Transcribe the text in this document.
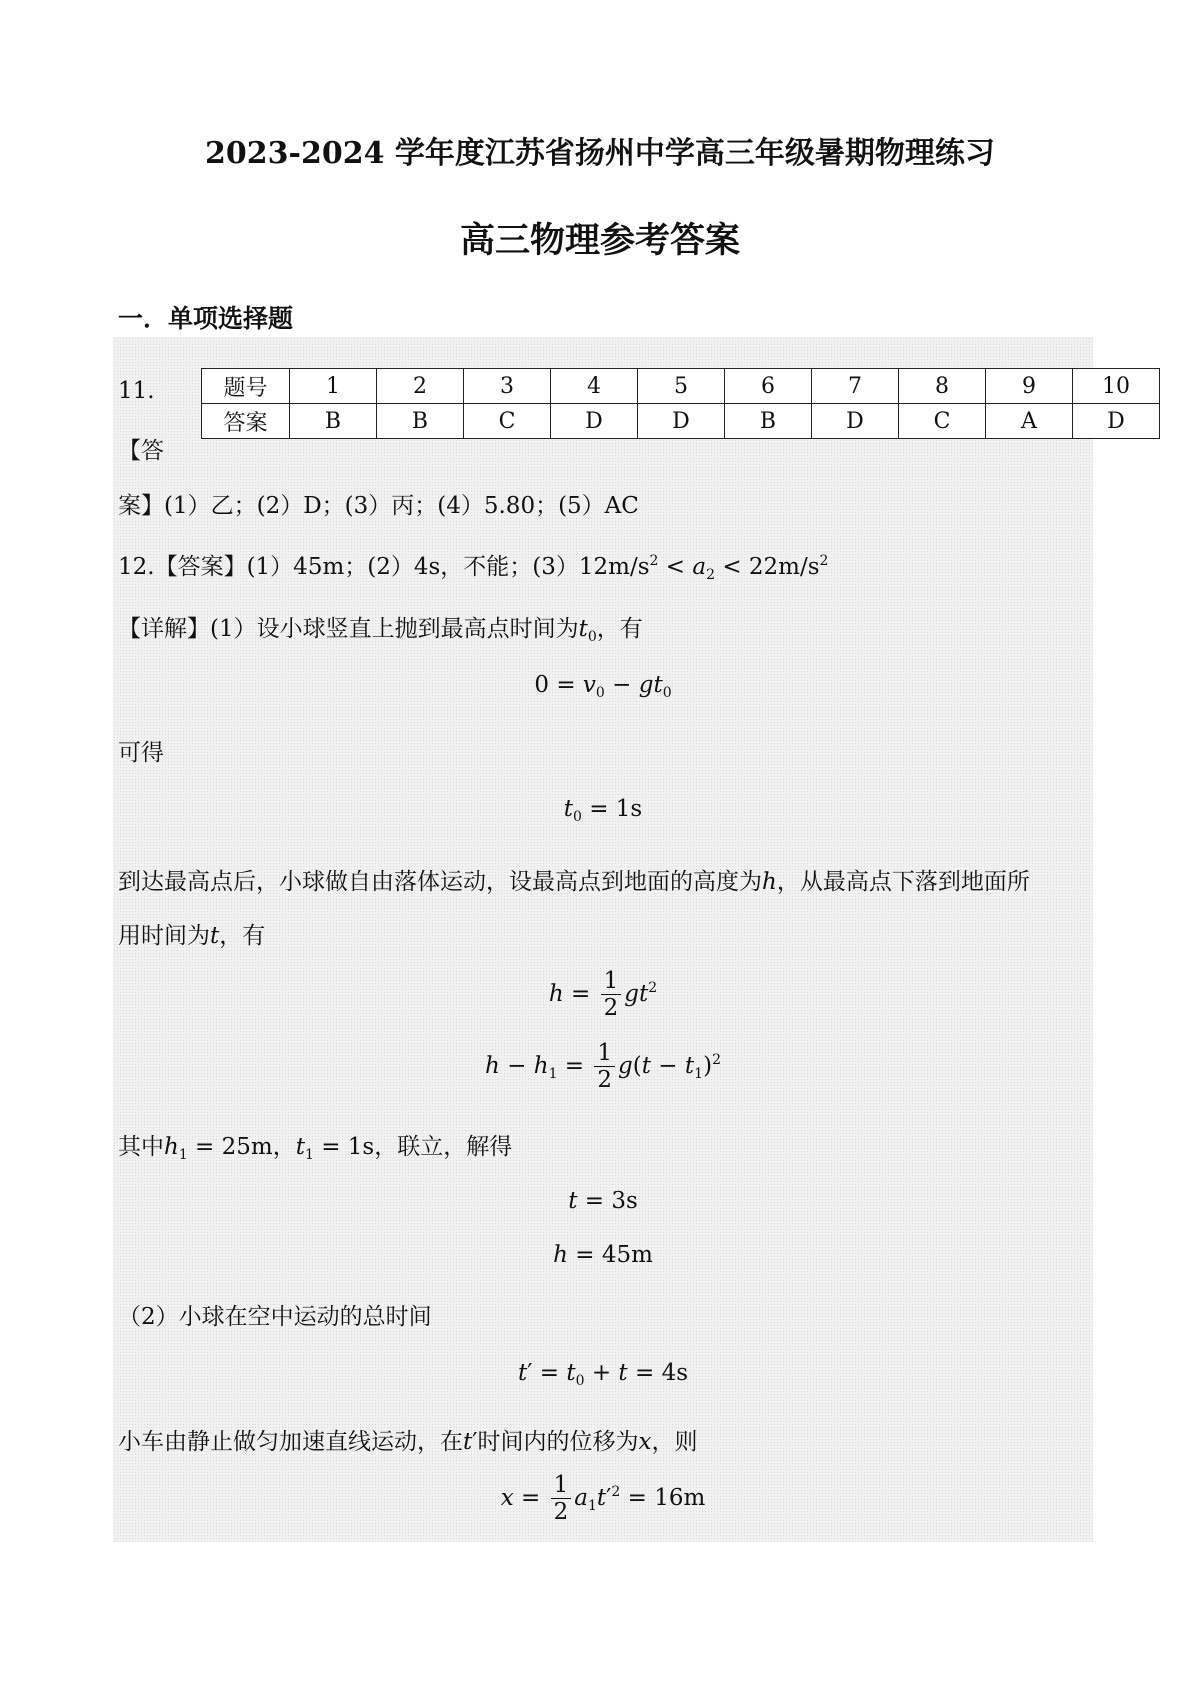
2023-2024 学年度江苏省扬州中学高三年级暑期物理练习
高三物理参考答案
一．单项选择题
题号	1	2	3	4	5	6	7	8	9	10
答案	B	B	C	D	D	B	D	C	A	D
11.
【答
案】(1）乙；(2）D；(3）丙；(4）5.80；(5）AC
12.【答案】(1）45m；(2）4s，不能；$(3)12m/s^2 < a_2 < 22m/s^2$
【详解】(1）设小球竖直上抛到最高点时间为$t_0$，有
$0 = v_0 - gt_0$
可得
$t_0 = 1s$
到达最高点后，小球做自由落体运动，设最高点到地面的高度为h，从最高点下落到地面所
用时间为t，有
$h = \frac{1}{2} gt^2$
$h - h_1 = \frac{1}{2} g(t - t_1)^2$
其中$h_1 = 25m$，$t_1 = 1s$，联立，解得
t = 3s
h = 45m
（2）小球在空中运动的总时间
$t' = t_0 + t = 4s$
小车由静止做匀加速直线运动，在t′时间内的位移为x，则
$x = \frac{1}{2} a_1t'^2 = 16m$
